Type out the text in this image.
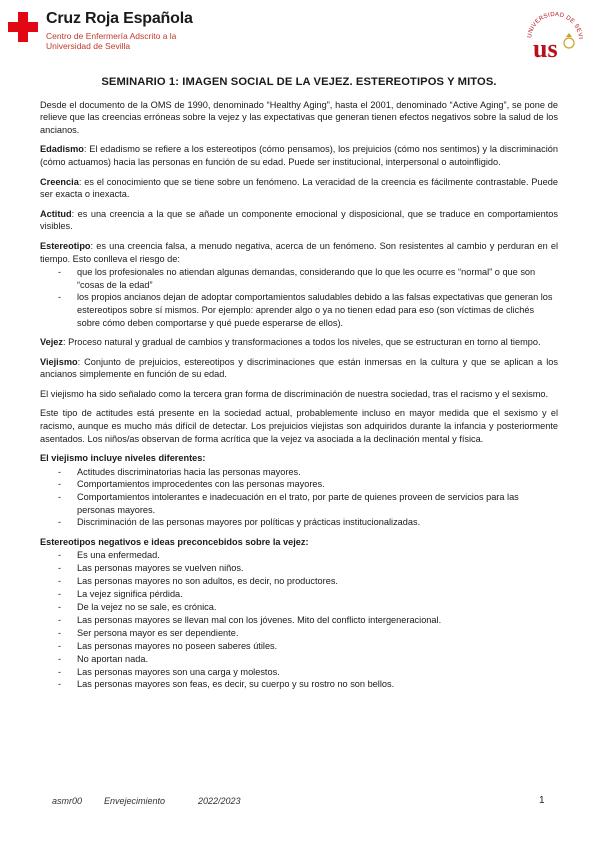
Cruz Roja Española
Centro de Enfermería Adscrito a la
Universidad de Sevilla
UNIVERSIDAD DE SEVI
us
SEMINARIO 1: IMAGEN SOCIAL DE LA VEJEZ. ESTEREOTIPOS Y MITOS.

Desde el documento de la OMS de 1990, denominado “Healthy Aging”, hasta el 2001, denominado “Active Aging”, se pone de relieve que las creencias erróneas sobre la vejez y las expectativas que generan tienen efectos negativos sobre la salud de los ancianos.

Edadismo: El edadismo se refiere a los estereotipos (cómo pensamos), los prejuicios (cómo nos sentimos) y la discriminación (cómo actuamos) hacia las personas en función de su edad. Puede ser institucional, interpersonal o autoinfligido.

Creencia: es el conocimiento que se tiene sobre un fenómeno. La veracidad de la creencia es fácilmente contrastable. Puede ser exacta o inexacta.

Actitud: es una creencia a la que se añade un componente emocional y disposicional, que se traduce en comportamientos visibles.

Estereotipo: es una creencia falsa, a menudo negativa, acerca de un fenómeno. Son resistentes al cambio y perduran en el tiempo. Esto conlleva el riesgo de:

- que los profesionales no atiendan algunas demandas, considerando que lo que les ocurre es “normal” o que son “cosas de la edad”
- los propios ancianos dejan de adoptar comportamientos saludables debido a las falsas expectativas que generan los estereotipos sobre sí mismos. Por ejemplo: aprender algo o ya no tienen edad para eso (son víctimas de clichés sobre cómo deben comportarse y qué puede esperarse de ellos).

Vejez: Proceso natural y gradual de cambios y transformaciones a todos los niveles, que se estructuran en torno al tiempo.

Viejismo: Conjunto de prejuicios, estereotipos y discriminaciones que están inmersas en la cultura y que se aplican a los ancianos simplemente en función de su edad.

El viejismo ha sido señalado como la tercera gran forma de discriminación de nuestra sociedad, tras el racismo y el sexismo.

Este tipo de actitudes está presente en la sociedad actual, probablemente incluso en mayor medida que el sexismo y el racismo, aunque es mucho más difícil de detectar. Los prejuicios viejistas son adquiridos durante la infancia y posteriormente asentados. Los niños/as observan de forma acrítica que la vejez va asociada a la declinación mental y física.

El viejismo incluye niveles diferentes:
- Actitudes discriminatorias hacia las personas mayores.
- Comportamientos improcedentes con las personas mayores.
- Comportamientos intolerantes e inadecuación en el trato, por parte de quienes proveen de servicios para las personas mayores.
- Discriminación de las personas mayores por políticas y prácticas institucionalizadas.
Estereotipos negativos e ideas preconcebidos sobre la vejez:
- Es una enfermedad.
- Las personas mayores se vuelven niños.
- Las personas mayores no son adultos, es decir, no productores.
- La vejez significa pérdida.
- De la vejez no se sale, es crónica.
- Las personas mayores se llevan mal con los jóvenes. Mito del conflicto intergeneracional.
- Ser persona mayor es ser dependiente.
- Las personas mayores no poseen saberes útiles.
- No aportan nada.
- Las personas mayores son una carga y molestos.
- Las personas mayores son feas, es decir, su cuerpo y su rostro no son bellos.
asmr00 Envejecimiento	2022/2023	1
